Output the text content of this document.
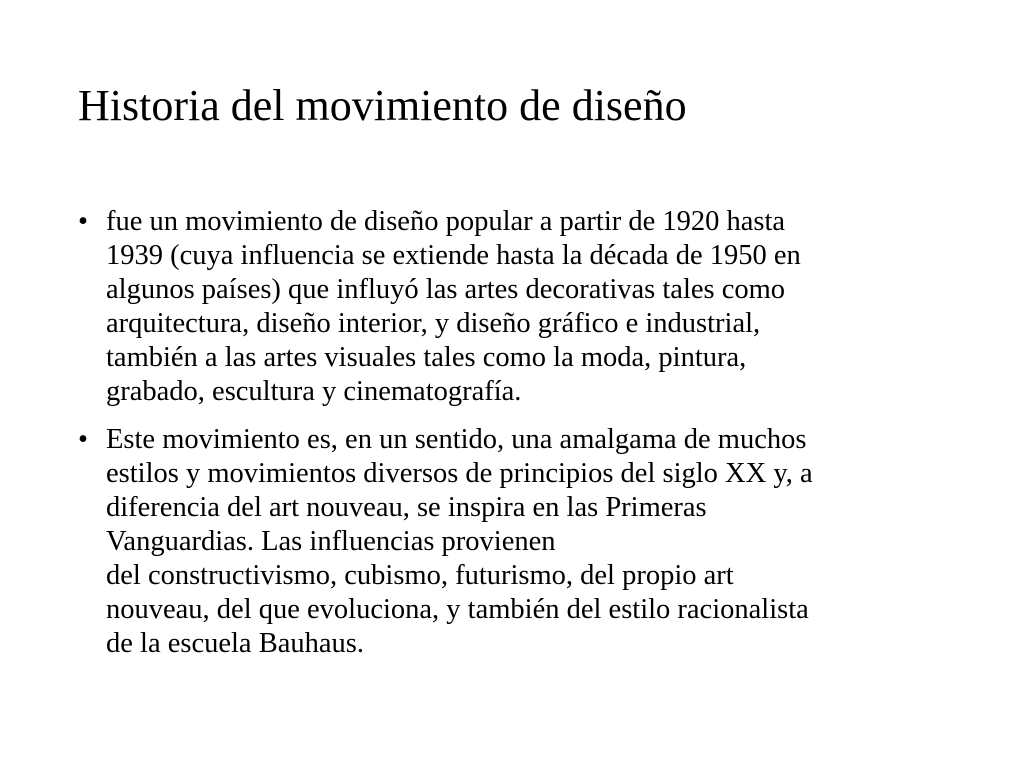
Historia del movimiento de diseño
• fue un movimiento de diseño popular a partir de 1920 hasta
1939 (cuya influencia se extiende hasta la década de 1950 en
algunos países) que influyó las artes decorativas tales como
arquitectura, diseño interior, y diseño gráfico e industrial,
también a las artes visuales tales como la moda, pintura,
grabado, escultura y cinematografía.
• Este movimiento es, en un sentido, una amalgama de muchos
estilos y movimientos diversos de principios del siglo XX y, a
diferencia del art nouveau, se inspira en las Primeras
Vanguardias. Las influencias provienen
del constructivismo, cubismo, futurismo, del propio art
nouveau, del que evoluciona, y también del estilo racionalista
de la escuela Bauhaus.
